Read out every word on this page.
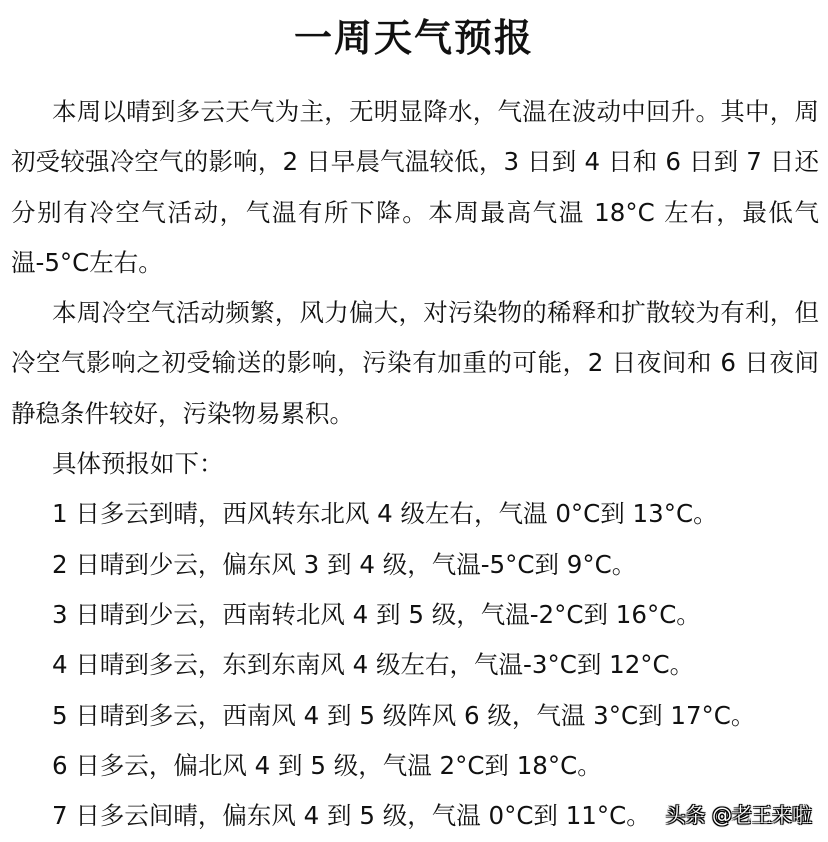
一周天气预报

本周以晴到多云天气为主，无明显降水，气温在波动中回升。其中，周初受较强冷空气的影响，2 日早晨气温较低，3 日到 4 日和 6 日到 7 日还分别有冷空气活动，气温有所下降。本周最高气温 18°C 左右，最低气温-5°C左右。

本周冷空气活动频繁，风力偏大，对污染物的稀释和扩散较为有利，但冷空气影响之初受输送的影响，污染有加重的可能，2 日夜间和 6 日夜间静稳条件较好，污染物易累积。

具体预报如下：

1 日多云到晴，西风转东北风 4 级左右，气温 0°C到 13°C。

2 日晴到少云，偏东风 3 到 4 级，气温-5°C到 9°C。

3 日晴到少云，西南转北风 4 到 5 级，气温-2°C到 16°C。

4 日晴到多云，东到东南风 4 级左右，气温-3°C到 12°C。

5 日晴到多云，西南风 4 到 5 级阵风 6 级，气温 3°C到 17°C。

6 日多云，偏北风 4 到 5 级，气温 2°C到 18°C。

7 日多云间晴，偏东风 4 到 5 级，气温 0°C到 11°C。 头条 @老王来啦
